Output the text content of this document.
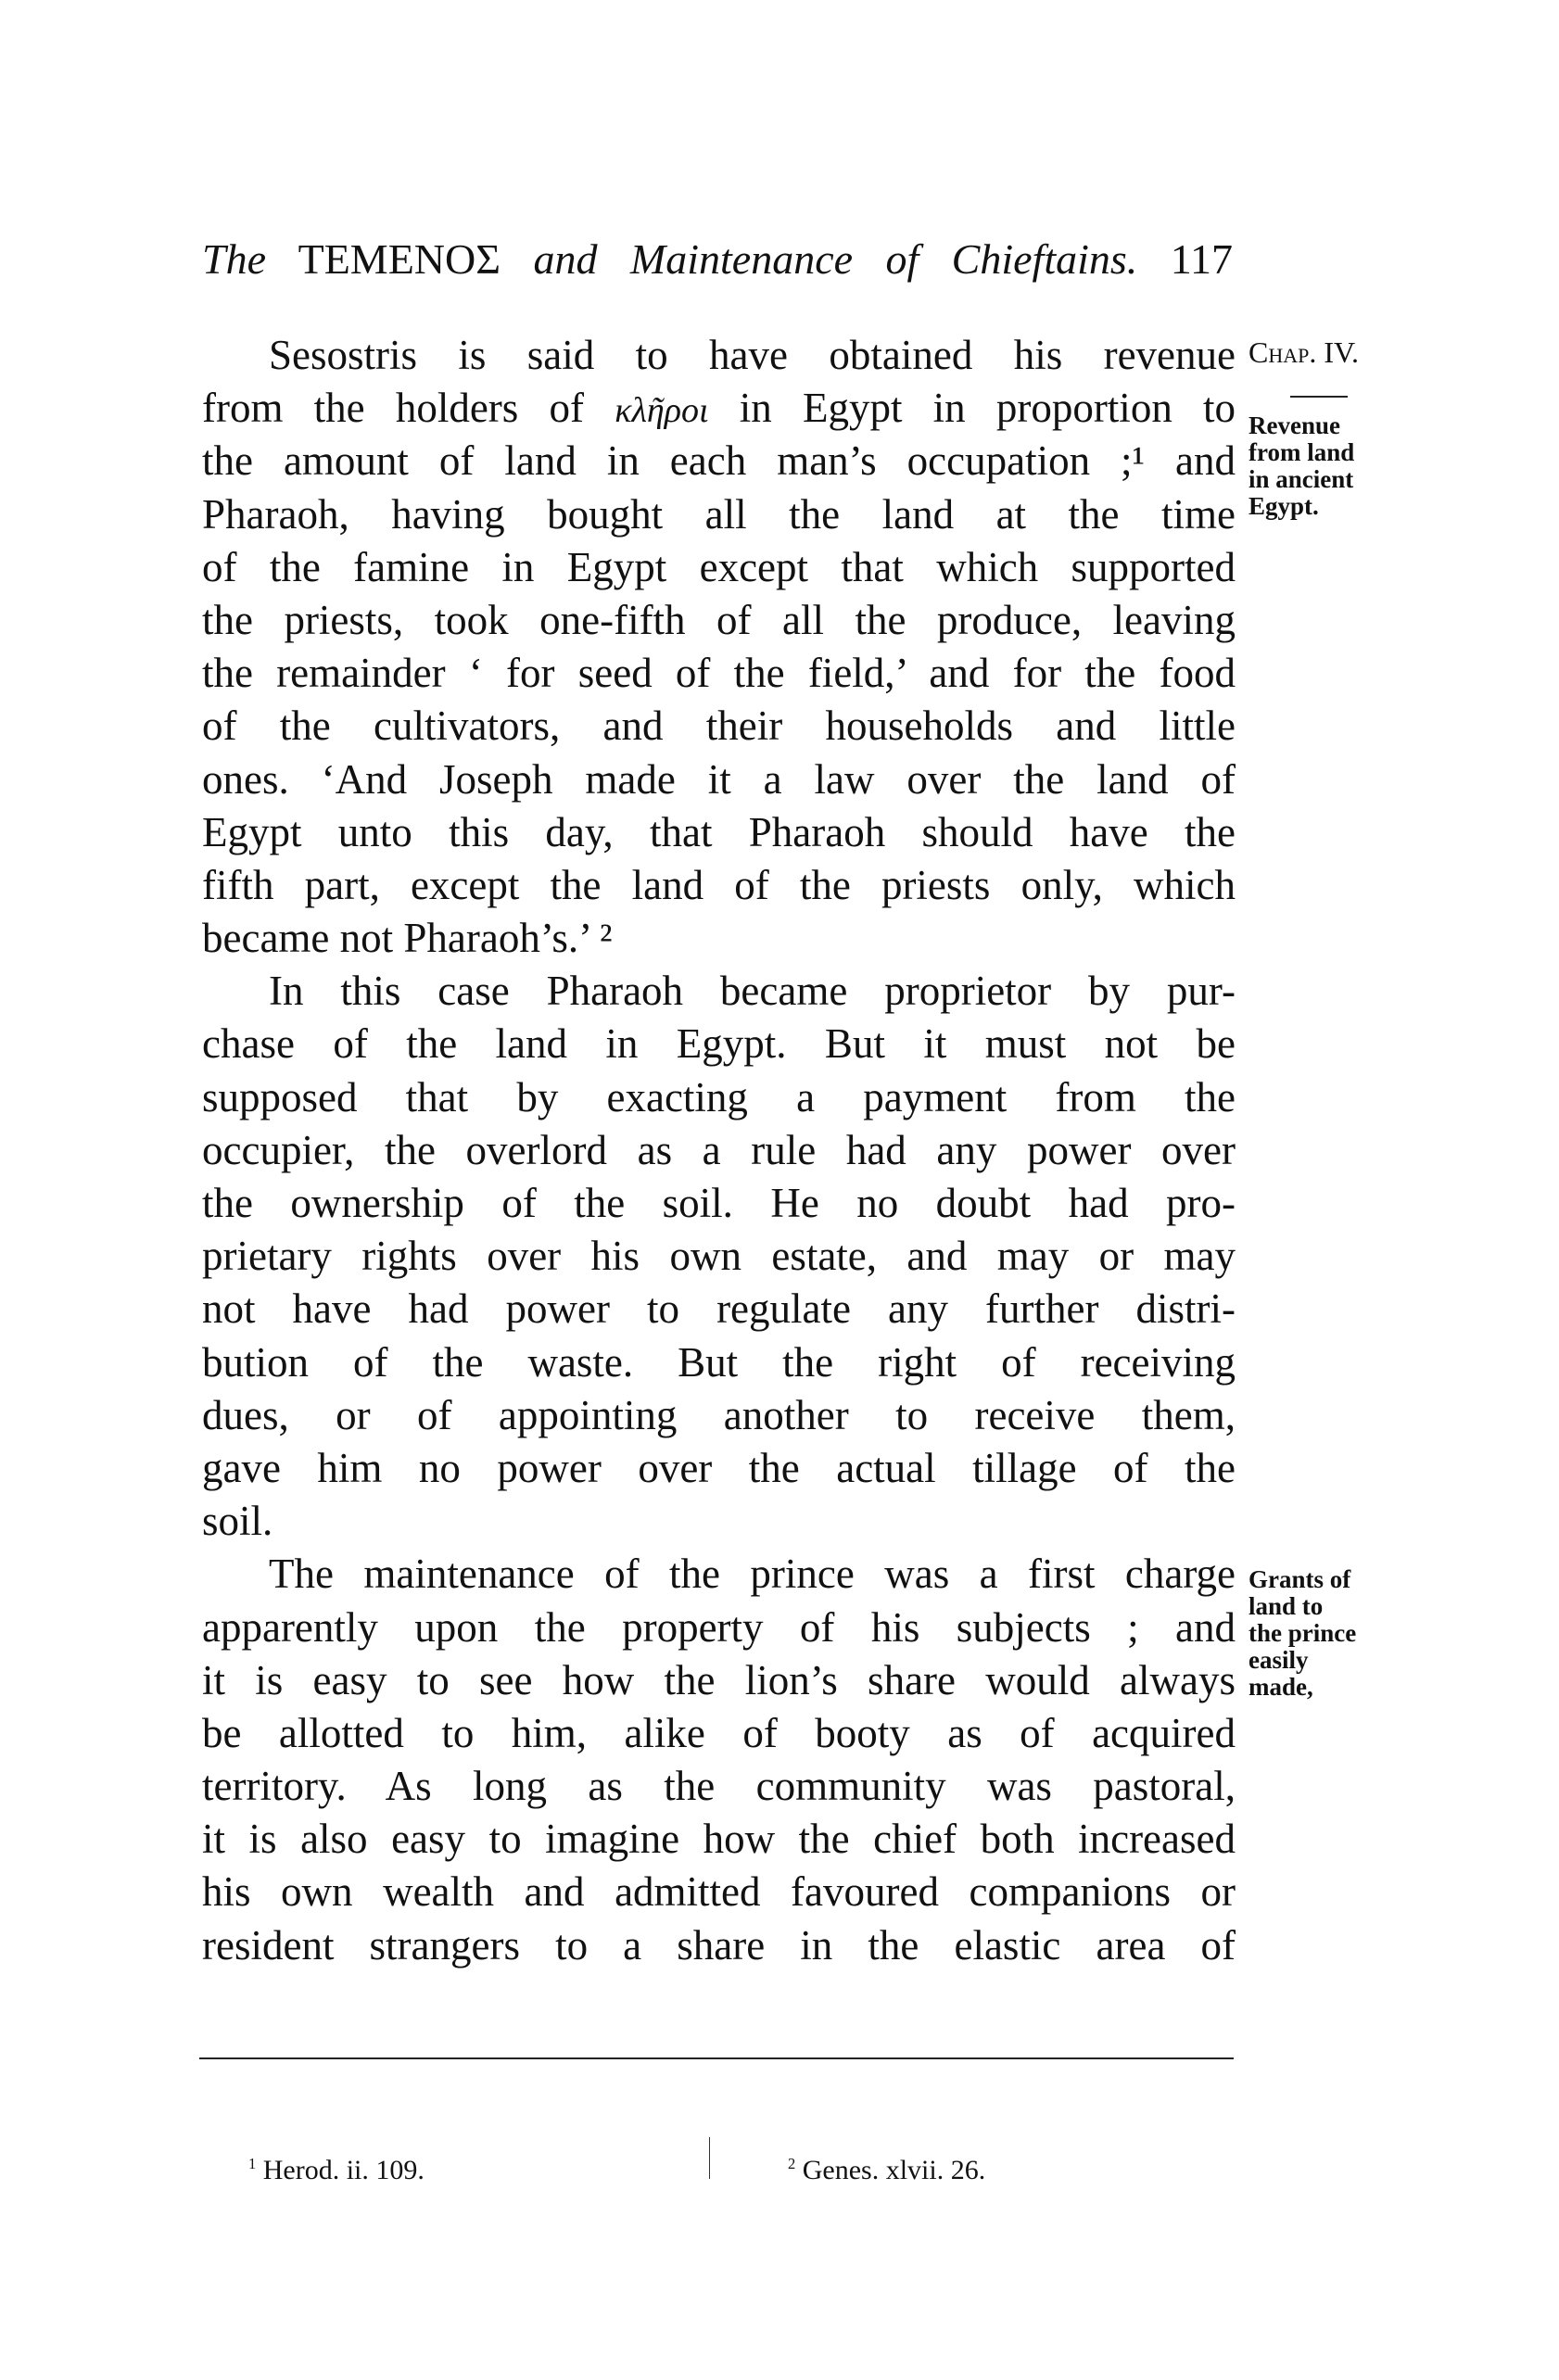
The TEMENOΣ and Maintenance of Chieftains. 117
Chap. IV.
Revenue
from land
in ancient
Egypt.
Grants of
land to
the prince
easily
made,
Sesostris is said to have obtained his revenue
from the holders of κλῆροι in Egypt in proportion to
the amount of land in each man’s occupation ;¹ and
Pharaoh, having bought all the land at the time
of the famine in Egypt except that which supported
the priests, took one-fifth of all the produce, leaving
the remainder ‘ for seed of the field,’ and for the food
of the cultivators, and their households and little
ones. ‘And Joseph made it a law over the land of
Egypt unto this day, that Pharaoh should have the
fifth part, except the land of the priests only, which
became not Pharaoh’s.’ ²
In this case Pharaoh became proprietor by pur-
chase of the land in Egypt. But it must not be
supposed that by exacting a payment from the
occupier, the overlord as a rule had any power over
the ownership of the soil. He no doubt had pro-
prietary rights over his own estate, and may or may
not have had power to regulate any further distri-
bution of the waste. But the right of receiving
dues, or of appointing another to receive them,
gave him no power over the actual tillage of the
soil.
The maintenance of the prince was a first charge
apparently upon the property of his subjects ; and
it is easy to see how the lion’s share would always
be allotted to him, alike of booty as of acquired
territory. As long as the community was pastoral,
it is also easy to imagine how the chief both increased
his own wealth and admitted favoured companions or
resident strangers to a share in the elastic area of
$^1$ Herod. ii. 109.	$^2$ Genes. xlvii. 26.
